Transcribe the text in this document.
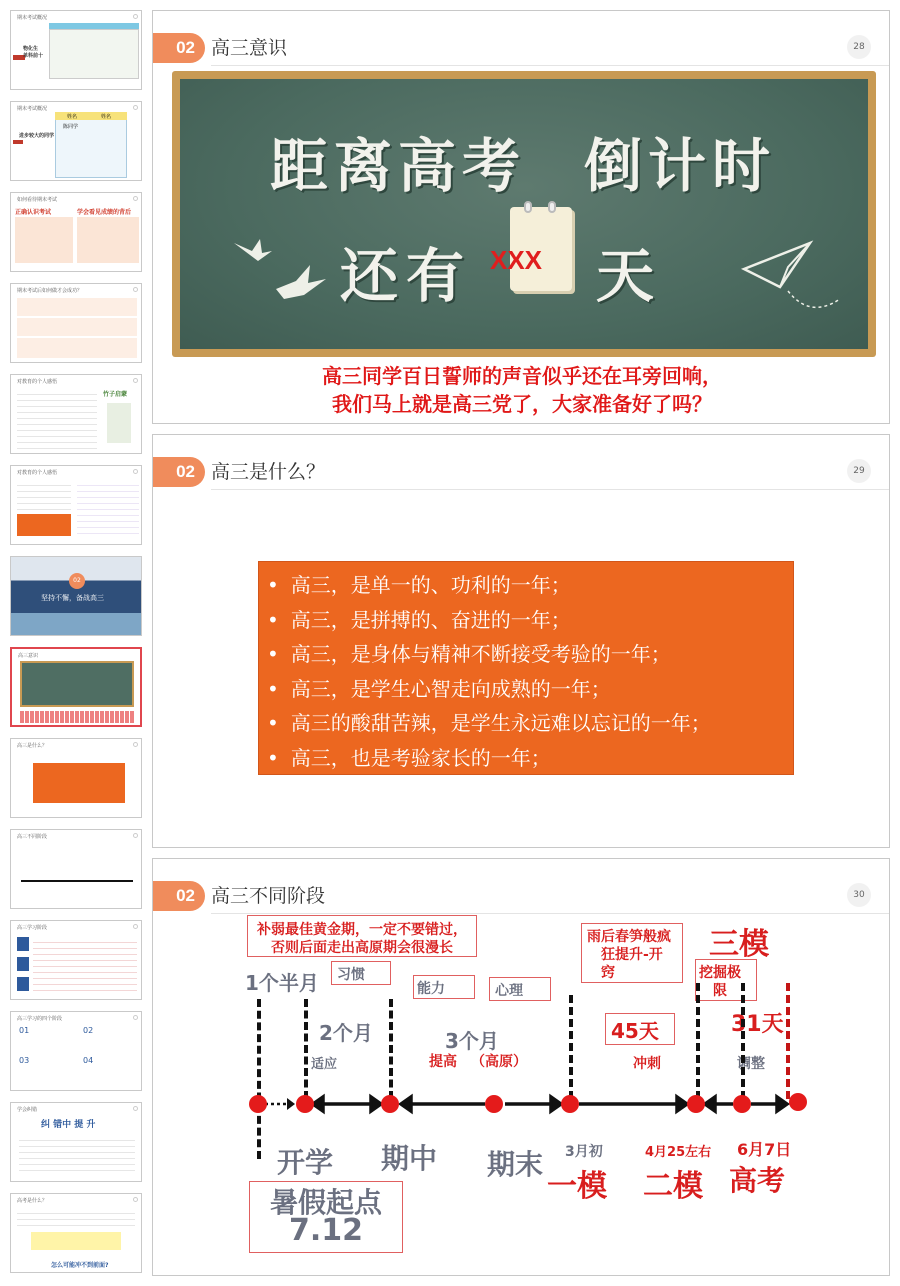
期末考试概况
物化生
单科前十
期末考试概况
姓名	姓名
陈同学
进步较大的同学
如何看待期末考试
正确认识考试	学会看见成绩的背后
期末考试后如何做才会成功？
对教育的个人感悟
竹子启蒙
对教育的个人感悟
02
坚持不懈，备战高三
高三意识
高三是什么？
高三不同阶段
高三学习阶段
高三学习的四个阶段
01	02
03	04
学会纠错
纠 错中 提 升
高考是什么？
怎么可能冲不到前面?
02 高三意识	28
距离高考 倒计时
还有 天
XXX
高三同学百日誓师的声音似乎还在耳旁回响，
我们马上就是高三党了，大家准备好了吗？
02 高三是什么？	29
• 高三，是单一的、功利的一年；
• 高三，是拼搏的、奋进的一年；
• 高三，是身体与精神不断接受考验的一年；
• 高三，是学生心智走向成熟的一年；
• 高三的酸甜苦辣，是学生永远难以忘记的一年；
• 高三，也是考验家长的一年；
02 高三不同阶段	30
补弱最佳黄金期，一定不要错过，
否则后面走出高原期会很漫长
雨后春笋般疯
狂提升-开
窍
三模
挖掘极
限
31天
1个半月 习惯
能力	心理
2个月
适应
3个月
提高 （高原）
45天
冲刺	调整
开学 期中 期末 3月初
一模
4月25左右
二模
6月7日
高考
暑假起点
7.12
